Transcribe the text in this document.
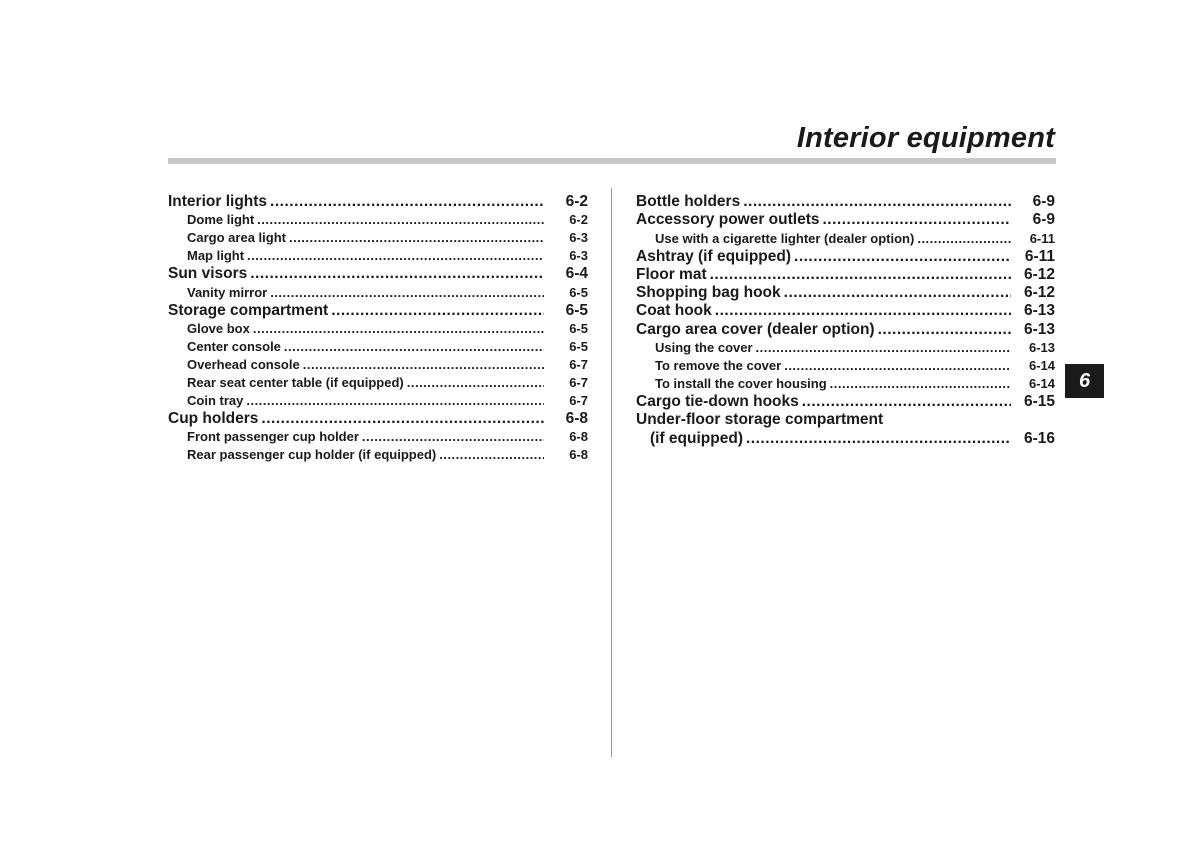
Interior equipment
Interior lights .....	6-2
Dome light .....	6-2
Cargo area light .....	6-3
Map light .....	6-3
Sun visors .....	6-4
Vanity mirror .....	6-5
Storage compartment .....	6-5
Glove box .....	6-5
Center console .....	6-5
Overhead console .....	6-7
Rear seat center table (if equipped) .....	6-7
Coin tray .....	6-7
Cup holders .....	6-8
Front passenger cup holder .....	6-8
Rear passenger cup holder (if equipped) .....	6-8
Bottle holders .....	6-9
Accessory power outlets .....	6-9
Use with a cigarette lighter (dealer option) .....	6-11
Ashtray (if equipped) .....	6-11
Floor mat .....	6-12
Shopping bag hook .....	6-12
Coat hook .....	6-13
Cargo area cover (dealer option) .....	6-13
Using the cover .....	6-13
To remove the cover .....	6-14
To install the cover housing .....	6-14
Cargo tie-down hooks .....	6-15
Under-floor storage compartment
(if equipped) .....	6-16
6
